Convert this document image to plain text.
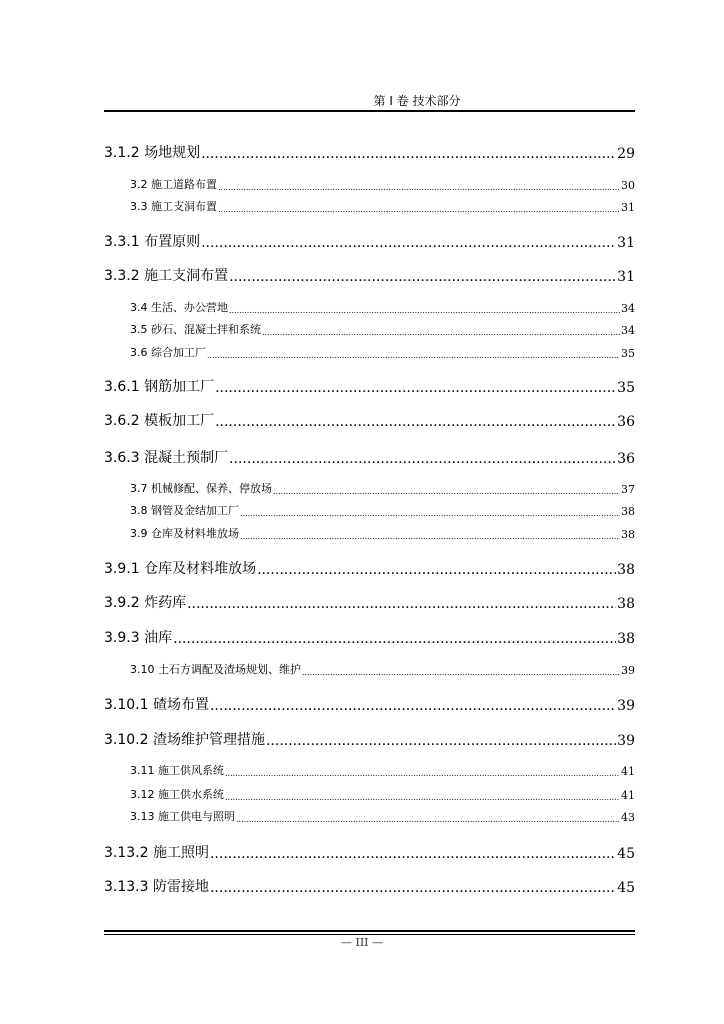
第 I 卷 技术部分
3.1.2 场地规划 .....	29
3.2 施工道路布置 .....	30
3.3 施工支洞布置 .....	31
3.3.1 布置原则 .....	31
3.3.2 施工支洞布置 .....	31
3.4 生活、办公营地 .....	34
3.5 砂石、混凝土拌和系统 .....	34
3.6 综合加工厂 .....	35
3.6.1 钢筋加工厂 .....	35
3.6.2 模板加工厂 .....	36
3.6.3 混凝土预制厂 .....	36
3.7 机械修配、保养、停放场 .....	37
3.8 钢管及金结加工厂 .....	38
3.9 仓库及材料堆放场 .....	38
3.9.1 仓库及材料堆放场 .....	38
3.9.2 炸药库 .....	38
3.9.3 油库 .....	38
3.10 土石方调配及渣场规划、维护 .....	39
3.10.1 碴场布置 .....	39
3.10.2 渣场维护管理措施 .....	39
3.11 施工供风系统 .....	41
3.12 施工供水系统 .....	41
3.13 施工供电与照明 .....	43
3.13.2 施工照明 .....	45
3.13.3 防雷接地 .....	45
— III —
